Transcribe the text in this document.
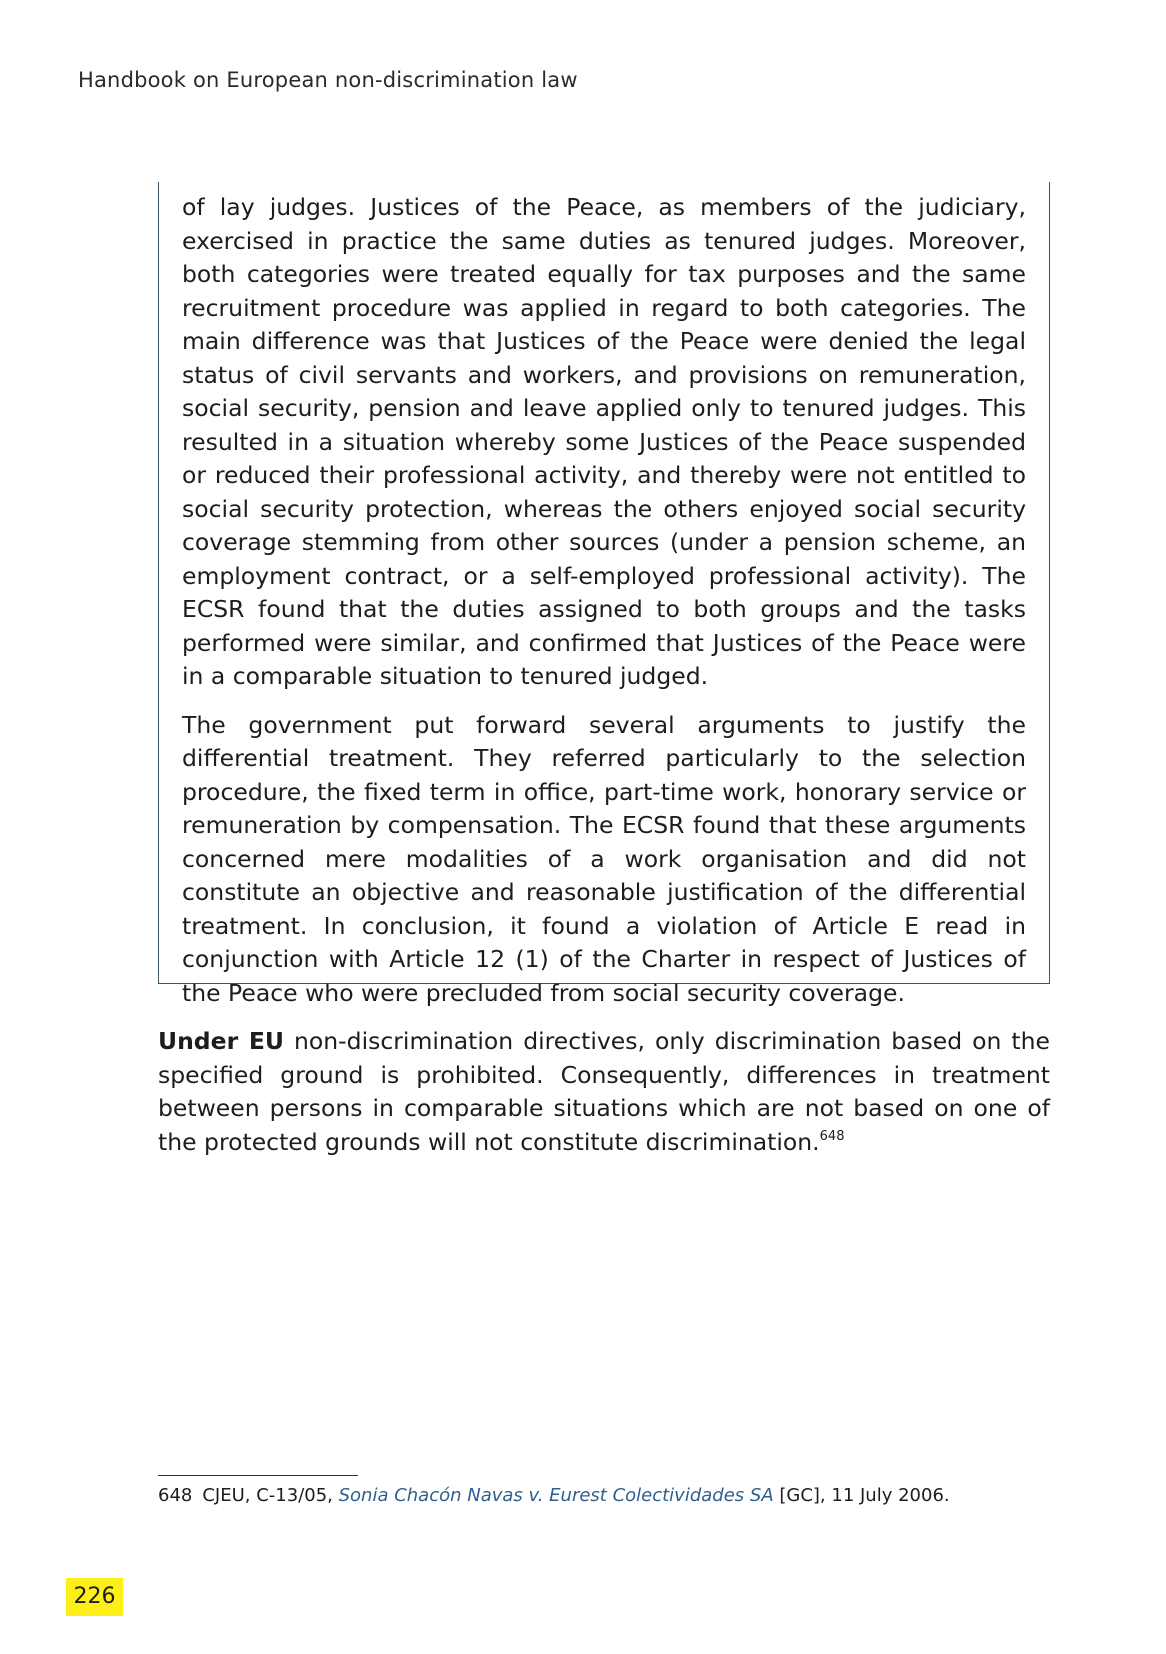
Handbook on European non-discrimination law

of lay judges. Justices of the Peace, as members of the judiciary, exercised in practice the same duties as tenured judges. Moreover, both categories were treated equally for tax purposes and the same recruitment procedure was applied in regard to both categories. The main difference was that Justices of the Peace were denied the legal status of civil servants and workers, and provisions on remuneration, social security, pension and leave applied only to tenured judges. This resulted in a situation whereby some Justices of the Peace suspended or reduced their professional activity, and thereby were not entitled to social security protection, whereas the others enjoyed social security coverage stemming from other sources (under a pension scheme, an employment contract, or a self-employed professional activity). The ECSR found that the duties assigned to both groups and the tasks performed were similar, and confirmed that Justices of the Peace were in a comparable situation to tenured judged.

The government put forward several arguments to justify the differential treatment. They referred particularly to the selection procedure, the fixed term in office, part-time work, honorary service or remuneration by compensation. The ECSR found that these arguments concerned mere modalities of a work organisation and did not constitute an objective and reasonable justification of the differential treatment. In conclusion, it found a violation of Article E read in conjunction with Article 12 (1) of the Charter in respect of Justices of the Peace who were precluded from social security coverage.

Under EU non-discrimination directives, only discrimination based on the specified ground is prohibited. Consequently, differences in treatment between persons in comparable situations which are not based on one of the protected grounds will not constitute discrimination.$^{648}$

648 CJEU, C-13/05, Sonia Chacón Navas v. Eurest Colectividades SA [GC], 11 July 2006.
226
